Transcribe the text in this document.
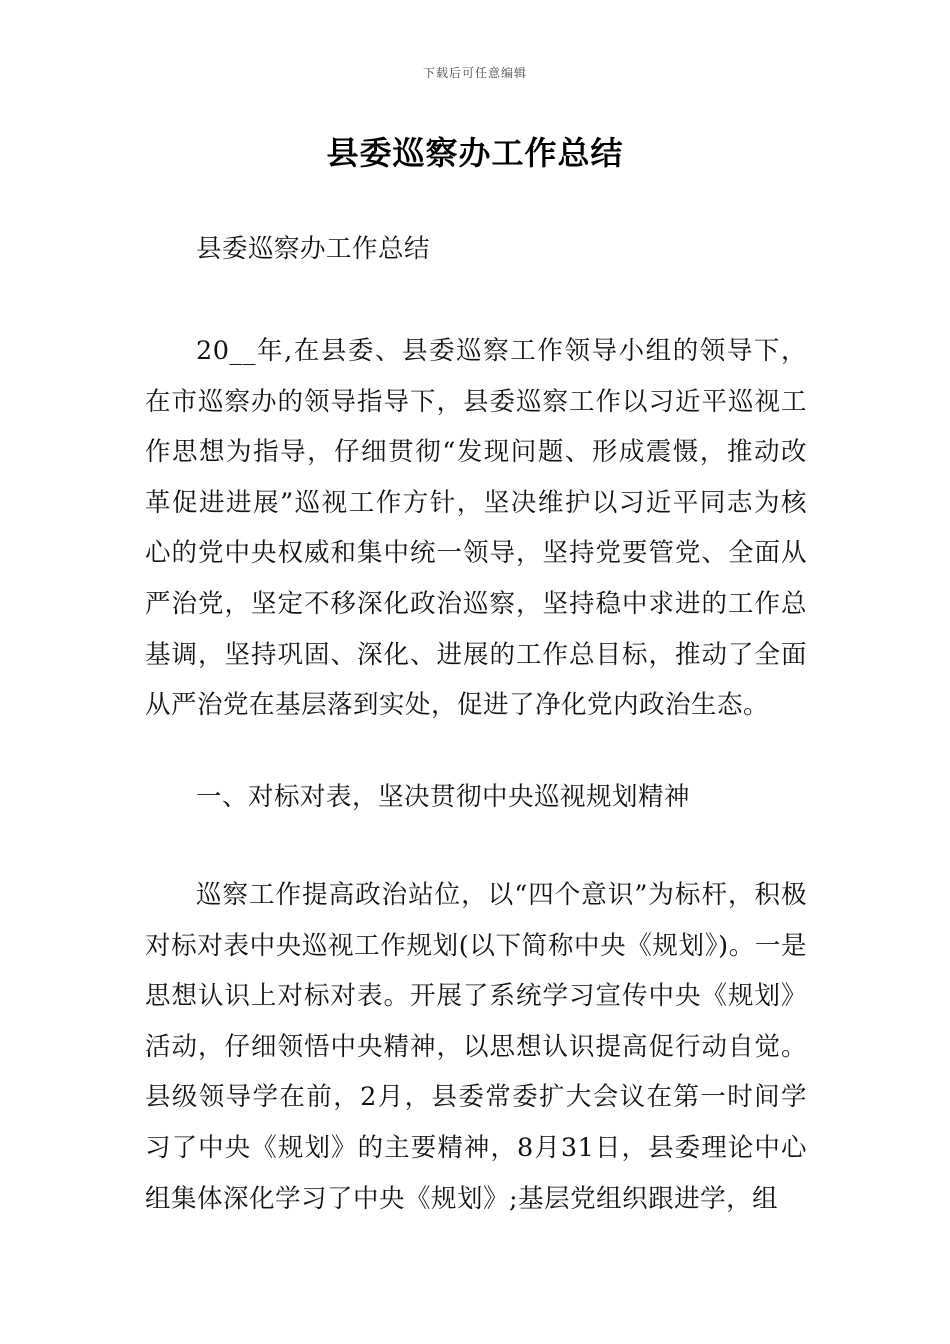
下载后可任意编辑
县委巡察办工作总结

县委巡察办工作总结

20__年,在县委、县委巡察工作领导小组的领导下，在市巡察办的领导指导下，县委巡察工作以习近平巡视工作思想为指导，仔细贯彻“发现问题、形成震慑，推动改革促进进展”巡视工作方针，坚决维护以习近平同志为核心的党中央权威和集中统一领导，坚持党要管党、全面从严治党，坚定不移深化政治巡察，坚持稳中求进的工作总基调，坚持巩固、深化、进展的工作总目标，推动了全面从严治党在基层落到实处，促进了净化党内政治生态。

一、对标对表，坚决贯彻中央巡视规划精神

巡察工作提高政治站位，以“四个意识”为标杆，积极对标对表中央巡视工作规划(以下简称中央《规划》)。一是思想认识上对标对表。开展了系统学习宣传中央《规划》活动，仔细领悟中央精神，以思想认识提高促行动自觉。县级领导学在前，2月，县委常委扩大会议在第一时间学习了中央《规划》的主要精神，8月31日，县委理论中心组集体深化学习了中央《规划》;基层党组织跟进学，组
